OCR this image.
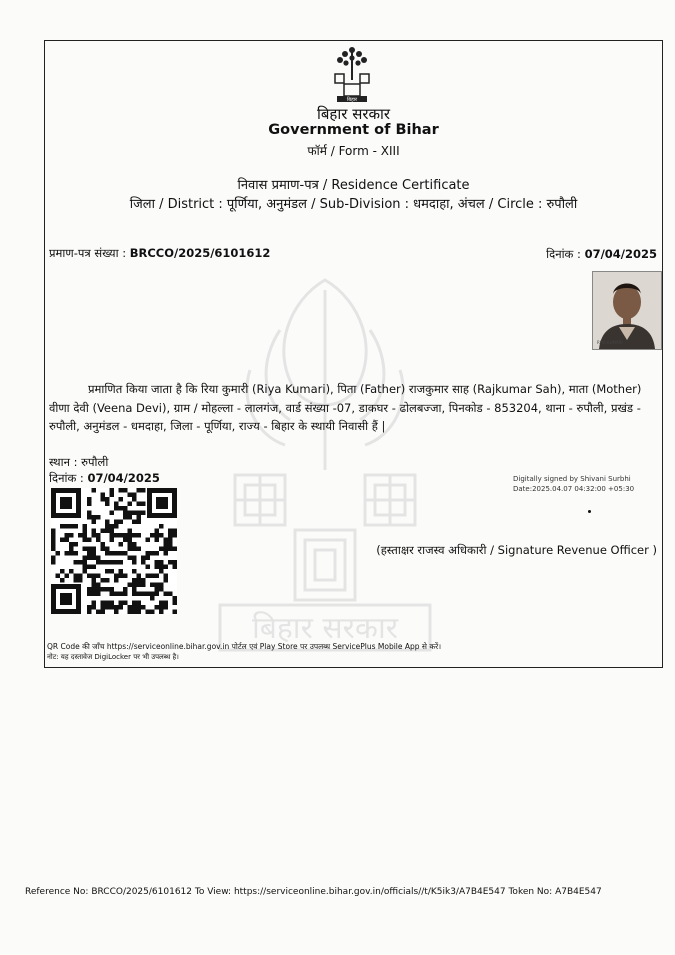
बिहार सरकार
बिहार
बिहार सरकार
Government of Bihar
फॉर्म / Form - XIII
निवास प्रमाण-पत्र / Residence Certificate
जिला / District : पूर्णिया, अनुमंडल / Sub-Division : धमदाहा, अंचल / Circle : रुपौली
प्रमाण-पत्र संख्या : BRCCO/2025/6101612	दिनांक : 07/04/2025
RIYA KUMARI

प्रमाणित किया जाता है कि रिया कुमारी (Riya Kumari), पिता (Father) राजकुमार साह (Rajkumar Sah), माता (Mother) वीणा देवी (Veena Devi), ग्राम / मोहल्ला - लालगंज, वार्ड संख्या -07, डाकघर - ढोलबज्जा, पिनकोड - 853204, थाना - रुपौली, प्रखंड - रुपौली, अनुमंडल - धमदाहा, जिला - पूर्णिया, राज्य - बिहार के स्थायी निवासी हैं |

स्थान : रुपौली
दिनांक : 07/04/2025	Digitally signed by Shivani Surbhi
Date:2025.04.07 04:32:00 +05:30
(हस्ताक्षर राजस्व अधिकारी / Signature Revenue Officer )
QR Code की जाँच https://serviceonline.bihar.gov.in पोर्टल एवं Play Store पर उपलब्ध ServicePlus Mobile App से करें।
नोट: यह दस्तावेज DigiLocker पर भी उपलब्ध है।
Reference No: BRCCO/2025/6101612 To View: https://serviceonline.bihar.gov.in/officials//t/K5ik3/A7B4E547 Token No: A7B4E547
